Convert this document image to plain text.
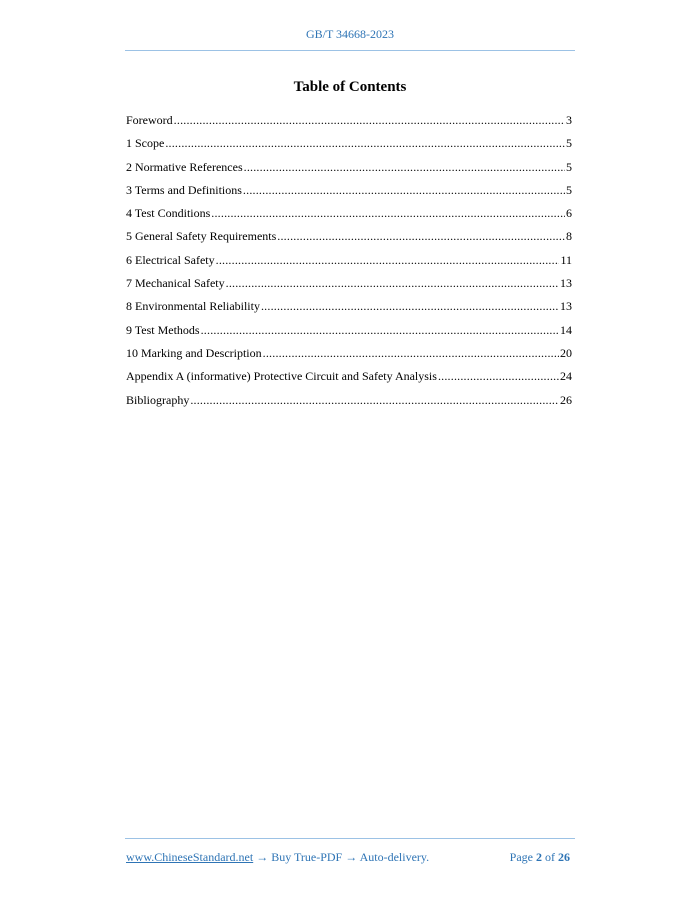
GB/T 34668-2023
Table of Contents
Foreword .....	3
1 Scope .....	5
2 Normative References .....	5
3 Terms and Definitions .....	5
4 Test Conditions .....	6
5 General Safety Requirements .....	8
6 Electrical Safety .....	11
7 Mechanical Safety .....	13
8 Environmental Reliability .....	13
9 Test Methods .....	14
10 Marking and Description .....	20
Appendix A (informative) Protective Circuit and Safety Analysis .....	24
Bibliography .....	26
www.ChineseStandard.net → Buy True-PDF → Auto-delivery.	Page 2 of 26
